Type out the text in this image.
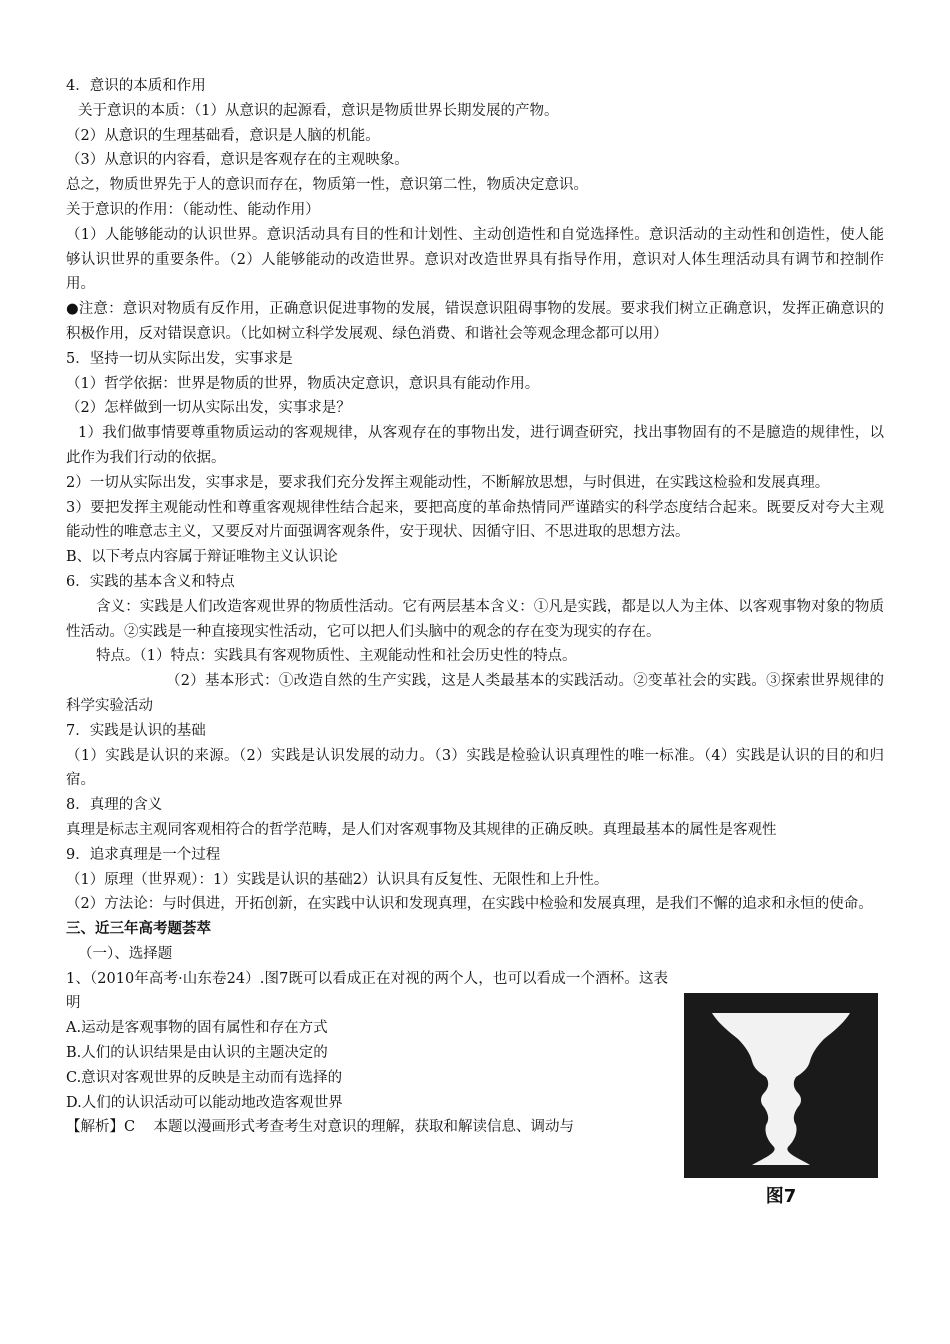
4．意识的本质和作用

关于意识的本质：（1）从意识的起源看，意识是物质世界长期发展的产物。

（2）从意识的生理基础看，意识是人脑的机能。

（3）从意识的内容看，意识是客观存在的主观映象。

总之，物质世界先于人的意识而存在，物质第一性，意识第二性，物质决定意识。

关于意识的作用：（能动性、能动作用）

（1）人能够能动的认识世界。意识活动具有目的性和计划性、主动创造性和自觉选择性。意识活动的主动性和创造性，使人能够认识世界的重要条件。（2）人能够能动的改造世界。意识对改造世界具有指导作用，意识对人体生理活动具有调节和控制作用。

●注意：意识对物质有反作用，正确意识促进事物的发展，错误意识阻碍事物的发展。要求我们树立正确意识，发挥正确意识的积极作用，反对错误意识。（比如树立科学发展观、绿色消费、和谐社会等观念理念都可以用）

5．坚持一切从实际出发，实事求是

（1）哲学依据：世界是物质的世界，物质决定意识，意识具有能动作用。

（2）怎样做到一切从实际出发，实事求是？

1）我们做事情要尊重物质运动的客观规律，从客观存在的事物出发，进行调查研究，找出事物固有的不是臆造的规律性，以此作为我们行动的依据。

2）一切从实际出发，实事求是，要求我们充分发挥主观能动性，不断解放思想，与时俱进，在实践这检验和发展真理。

3）要把发挥主观能动性和尊重客观规律性结合起来，要把高度的革命热情同严谨踏实的科学态度结合起来。既要反对夸大主观能动性的唯意志主义，又要反对片面强调客观条件，安于现状、因循守旧、不思进取的思想方法。

B、以下考点内容属于辩证唯物主义认识论

6．实践的基本含义和特点

含义：实践是人们改造客观世界的物质性活动。它有两层基本含义：①凡是实践，都是以人为主体、以客观事物对象的物质性活动。②实践是一种直接现实性活动，它可以把人们头脑中的观念的存在变为现实的存在。

特点。（1）特点：实践具有客观物质性、主观能动性和社会历史性的特点。

（2）基本形式：①改造自然的生产实践，这是人类最基本的实践活动。②变革社会的实践。③探索世界规律的科学实验活动

7．实践是认识的基础

（1）实践是认识的来源。（2）实践是认识发展的动力。（3）实践是检验认识真理性的唯一标准。（4）实践是认识的目的和归宿。

8．真理的含义

真理是标志主观同客观相符合的哲学范畴，是人们对客观事物及其规律的正确反映。真理最基本的属性是客观性

9．追求真理是一个过程

（1）原理（世界观）：1）实践是认识的基础2）认识具有反复性、无限性和上升性。

（2）方法论：与时俱进，开拓创新，在实践中认识和发现真理，在实践中检验和发展真理，是我们不懈的追求和永恒的使命。

三、近三年高考题荟萃

（一）、选择题

1、（2010年高考·山东卷24）.图7既可以看成正在对视的两个人，也可以看成一个酒杯。这表明

A.运动是客观事物的固有属性和存在方式

B.人们的认识结果是由认识的主题决定的

C.意识对客观世界的反映是主动而有选择的

D.人们的认识活动可以能动地改造客观世界

【解析】C 本题以漫画形式考查考生对意识的理解，获取和解读信息、调动与

图7
